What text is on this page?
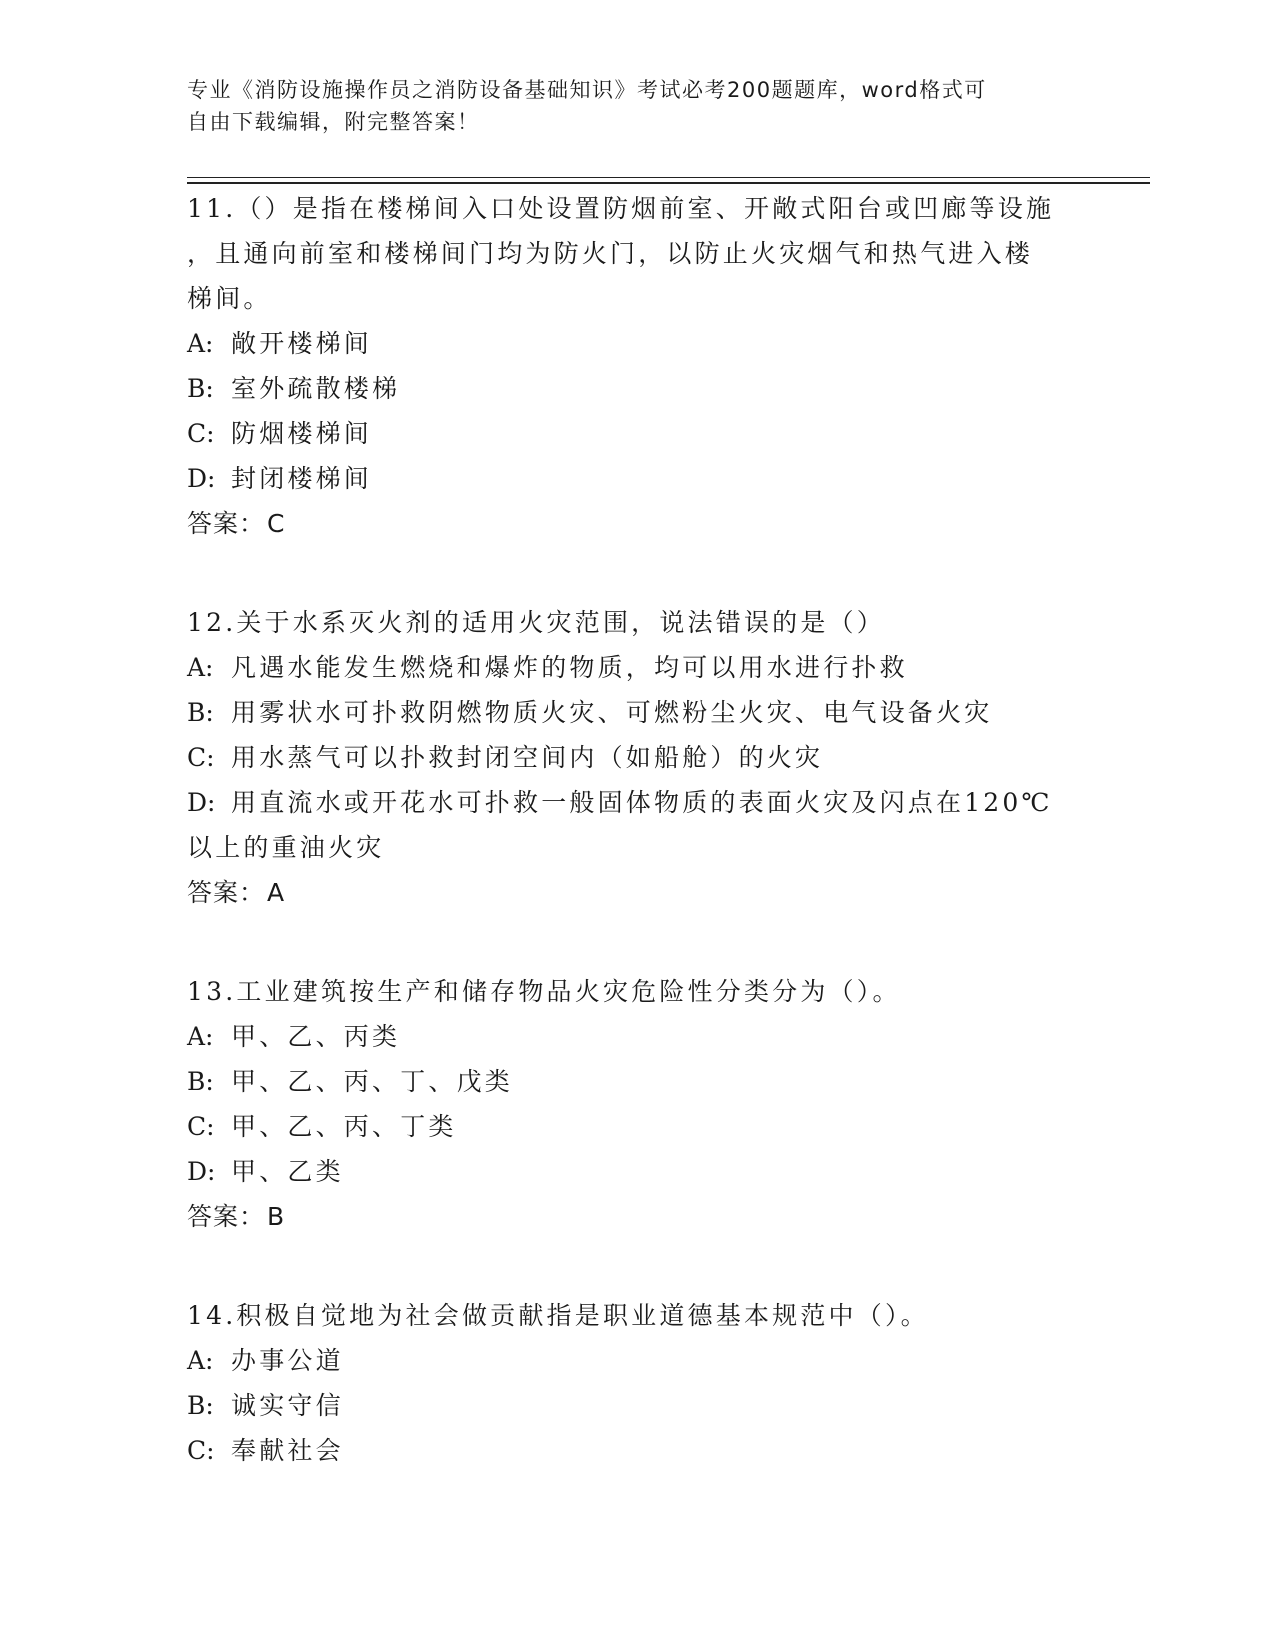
专业《消防设施操作员之消防设备基础知识》考试必考200题题库，word格式可
自由下载编辑，附完整答案！

11.（）是指在楼梯间入口处设置防烟前室、开敞式阳台或凹廊等设施

，且通向前室和楼梯间门均为防火门，以防止火灾烟气和热气进入楼

梯间。

A: 敞开楼梯间

B: 室外疏散楼梯

C: 防烟楼梯间

D: 封闭楼梯间

答案：C

12.关于水系灭火剂的适用火灾范围，说法错误的是（）

A: 凡遇水能发生燃烧和爆炸的物质，均可以用水进行扑救

B: 用雾状水可扑救阴燃物质火灾、可燃粉尘火灾、电气设备火灾

C: 用水蒸气可以扑救封闭空间内（如船舱）的火灾

D: 用直流水或开花水可扑救一般固体物质的表面火灾及闪点在120℃

以上的重油火灾

答案：A

13.工业建筑按生产和储存物品火灾危险性分类分为（）。

A: 甲、乙、丙类

B: 甲、乙、丙、丁、戊类

C: 甲、乙、丙、丁类

D: 甲、乙类

答案：B

14.积极自觉地为社会做贡献指是职业道德基本规范中（）。

A: 办事公道

B: 诚实守信

C: 奉献社会
